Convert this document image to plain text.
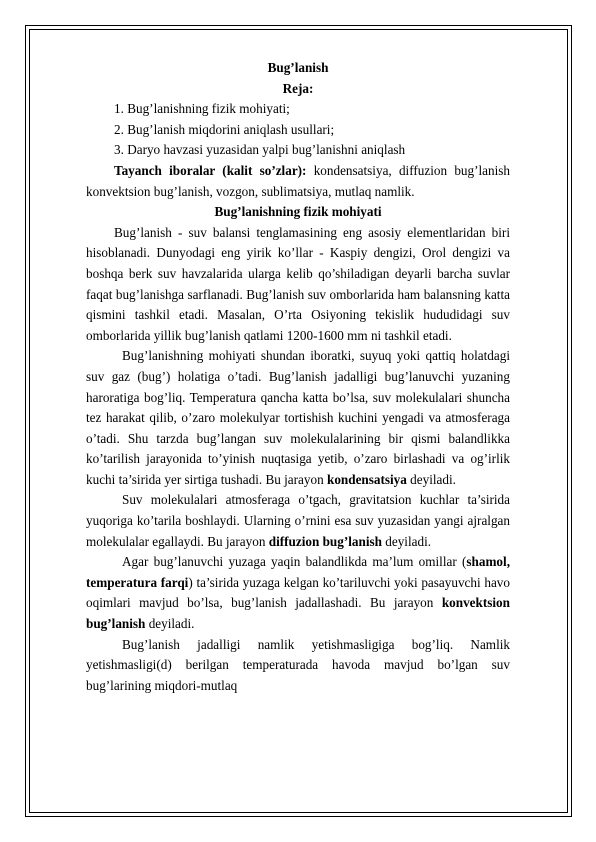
Bug’lanish

Reja:

1. Bug’lanishning fizik mohiyati;

2. Bug’lanish miqdorini aniqlash usullari;

3. Daryo havzasi yuzasidan yalpi bug’lanishni aniqlash

Tayanch iboralar (kalit so’zlar): kondensatsiya, diffuzion bug’lanish konvektsion bug’lanish, vozgon, sublimatsiya, mutlaq namlik.

Bug’lanishning fizik mohiyati

Bug’lanish - suv balansi tenglamasining eng asosiy elementlaridan biri hisoblanadi. Dunyodagi eng yirik ko’llar - Kaspiy dengizi, Orol dengizi va boshqa berk suv havzalarida ularga kelib qo’shiladigan deyarli barcha suvlar faqat bug’lanishga sarflanadi. Bug’lanish suv omborlarida ham balansning katta qismini tashkil etadi. Masalan, O’rta Osiyoning tekislik hududidagi suv omborlarida yillik bug’lanish qatlami 1200-1600 mm ni tashkil etadi.

Bug’lanishning mohiyati shundan iboratki, suyuq yoki qattiq holatdagi suv gaz (bug’) holatiga o’tadi. Bug’lanish jadalligi bug’lanuvchi yuzaning haroratiga bog’liq. Temperatura qancha katta bo’lsa, suv molekulalari shuncha tez harakat qilib, o’zaro molekulyar tortishish kuchini yengadi va atmosferaga o’tadi. Shu tarzda bug’langan suv molekulalarining bir qismi balandlikka ko’tarilish jarayonida to’yinish nuqtasiga yetib, o’zaro birlashadi va og’irlik kuchi ta’sirida yer sirtiga tushadi. Bu jarayon kondensatsiya deyiladi.

Suv molekulalari atmosferaga o’tgach, gravitatsion kuchlar ta’sirida yuqoriga ko’tarila boshlaydi. Ularning o’rnini esa suv yuzasidan yangi ajralgan molekulalar egallaydi. Bu jarayon diffuzion bug’lanish deyiladi.

Agar bug’lanuvchi yuzaga yaqin balandlikda ma’lum omillar (shamol, temperatura farqi) ta’sirida yuzaga kelgan ko’tariluvchi yoki pasayuvchi havo oqimlari mavjud bo’lsa, bug’lanish jadallashadi. Bu jarayon konvektsion bug’lanish deyiladi.

Bug’lanish jadalligi namlik yetishmasligiga bog’liq. Namlik yetishmasligi(d) berilgan temperaturada havoda mavjud bo’lgan suv bug’larining miqdori-mutlaq
